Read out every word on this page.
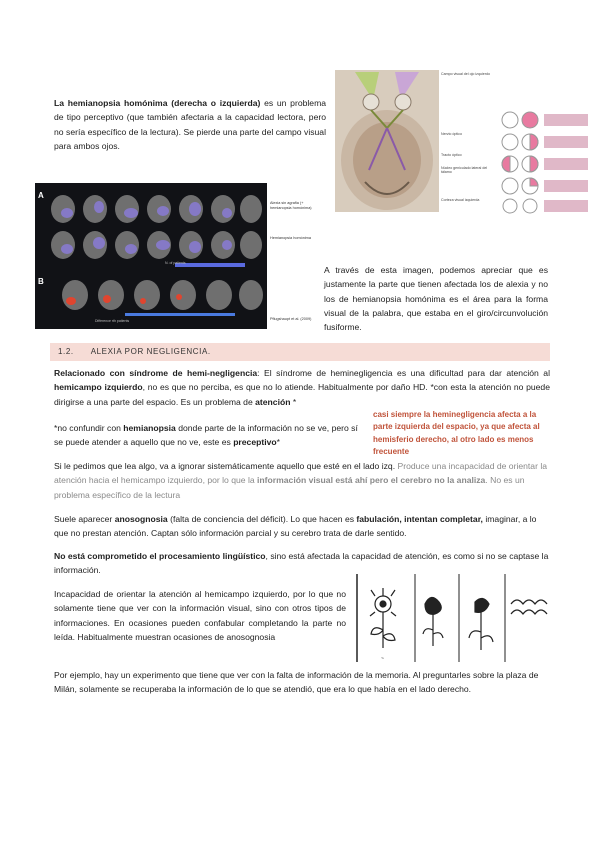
La hemianopsia homónima (derecha o izquierda) es un problema de tipo perceptivo (que también afectaria a la capacidad lectora, pero no sería específico de la lectura). Se pierde una parte del campo visual para ambos ojos.

Campo visual del ojo izquierdo
Nervio óptico
Tracto óptico
Núcleo geniculado lateral del tálamo
Corteza visual izquierda
A
B
N. of patients
Difference rth patients
Alexia sin agrafia (+ hemianopsia homónima)
Hemianopsia homónima
Pflugshaupt et al. (2009)

A través de esta imagen, podemos apreciar que es justamente la parte que tienen afectada los de alexia y no los de hemianopsia homónima es el área para la forma visual de la palabra, que estaba en el giro/circunvolución fusiforme.

1.2. ALEXIA POR NEGLIGENCIA.

Relacionado con síndrome de hemi-negligencia: El síndrome de heminegligencia es una dificultad para dar atención al hemicampo izquierdo, no es que no perciba, es que no lo atiende. Habitualmente por daño HD. *con esta la atención no puede dirigirse a una parte del espacio. Es un problema de atención *

*no confundir con hemianopsia donde parte de la información no se ve, pero sí se puede atender a aquello que no ve, este es preceptivo*

casi siempre la heminegligencia afecta a la parte izquierda del espacio, ya que afecta al hemisferio derecho, al otro lado es menos frecuente

Si le pedimos que lea algo, va a ignorar sistemáticamente aquello que esté en el lado izq. Produce una incapacidad de orientar la atención hacia el hemicampo izquierdo, por lo que la información visual está ahí pero el cerebro no la analiza. No es un problema específico de la lectura

Suele aparecer anosognosia (falta de conciencia del déficit). Lo que hacen es fabulación, intentan completar, imaginar, a lo que no prestan atención. Captan sólo información parcial y su cerebro trata de darle sentido.

No está comprometido el procesamiento lingüístico, sino está afectada la capacidad de atención, es como si no se captase la información.

Incapacidad de orientar la atención al hemicampo izquierdo, por lo que no solamente tiene que ver con la información visual, sino con otros tipos de informaciones. En ocasiones pueden confabular completando la parte no leída. Habitualmente muestran ocasiones de anosognosia

~

Por ejemplo, hay un experimento que tiene que ver con la falta de información de la memoria. Al preguntarles sobre la plaza de Milán, solamente se recuperaba la información de lo que se atendió, que era lo que había en el lado derecho.
